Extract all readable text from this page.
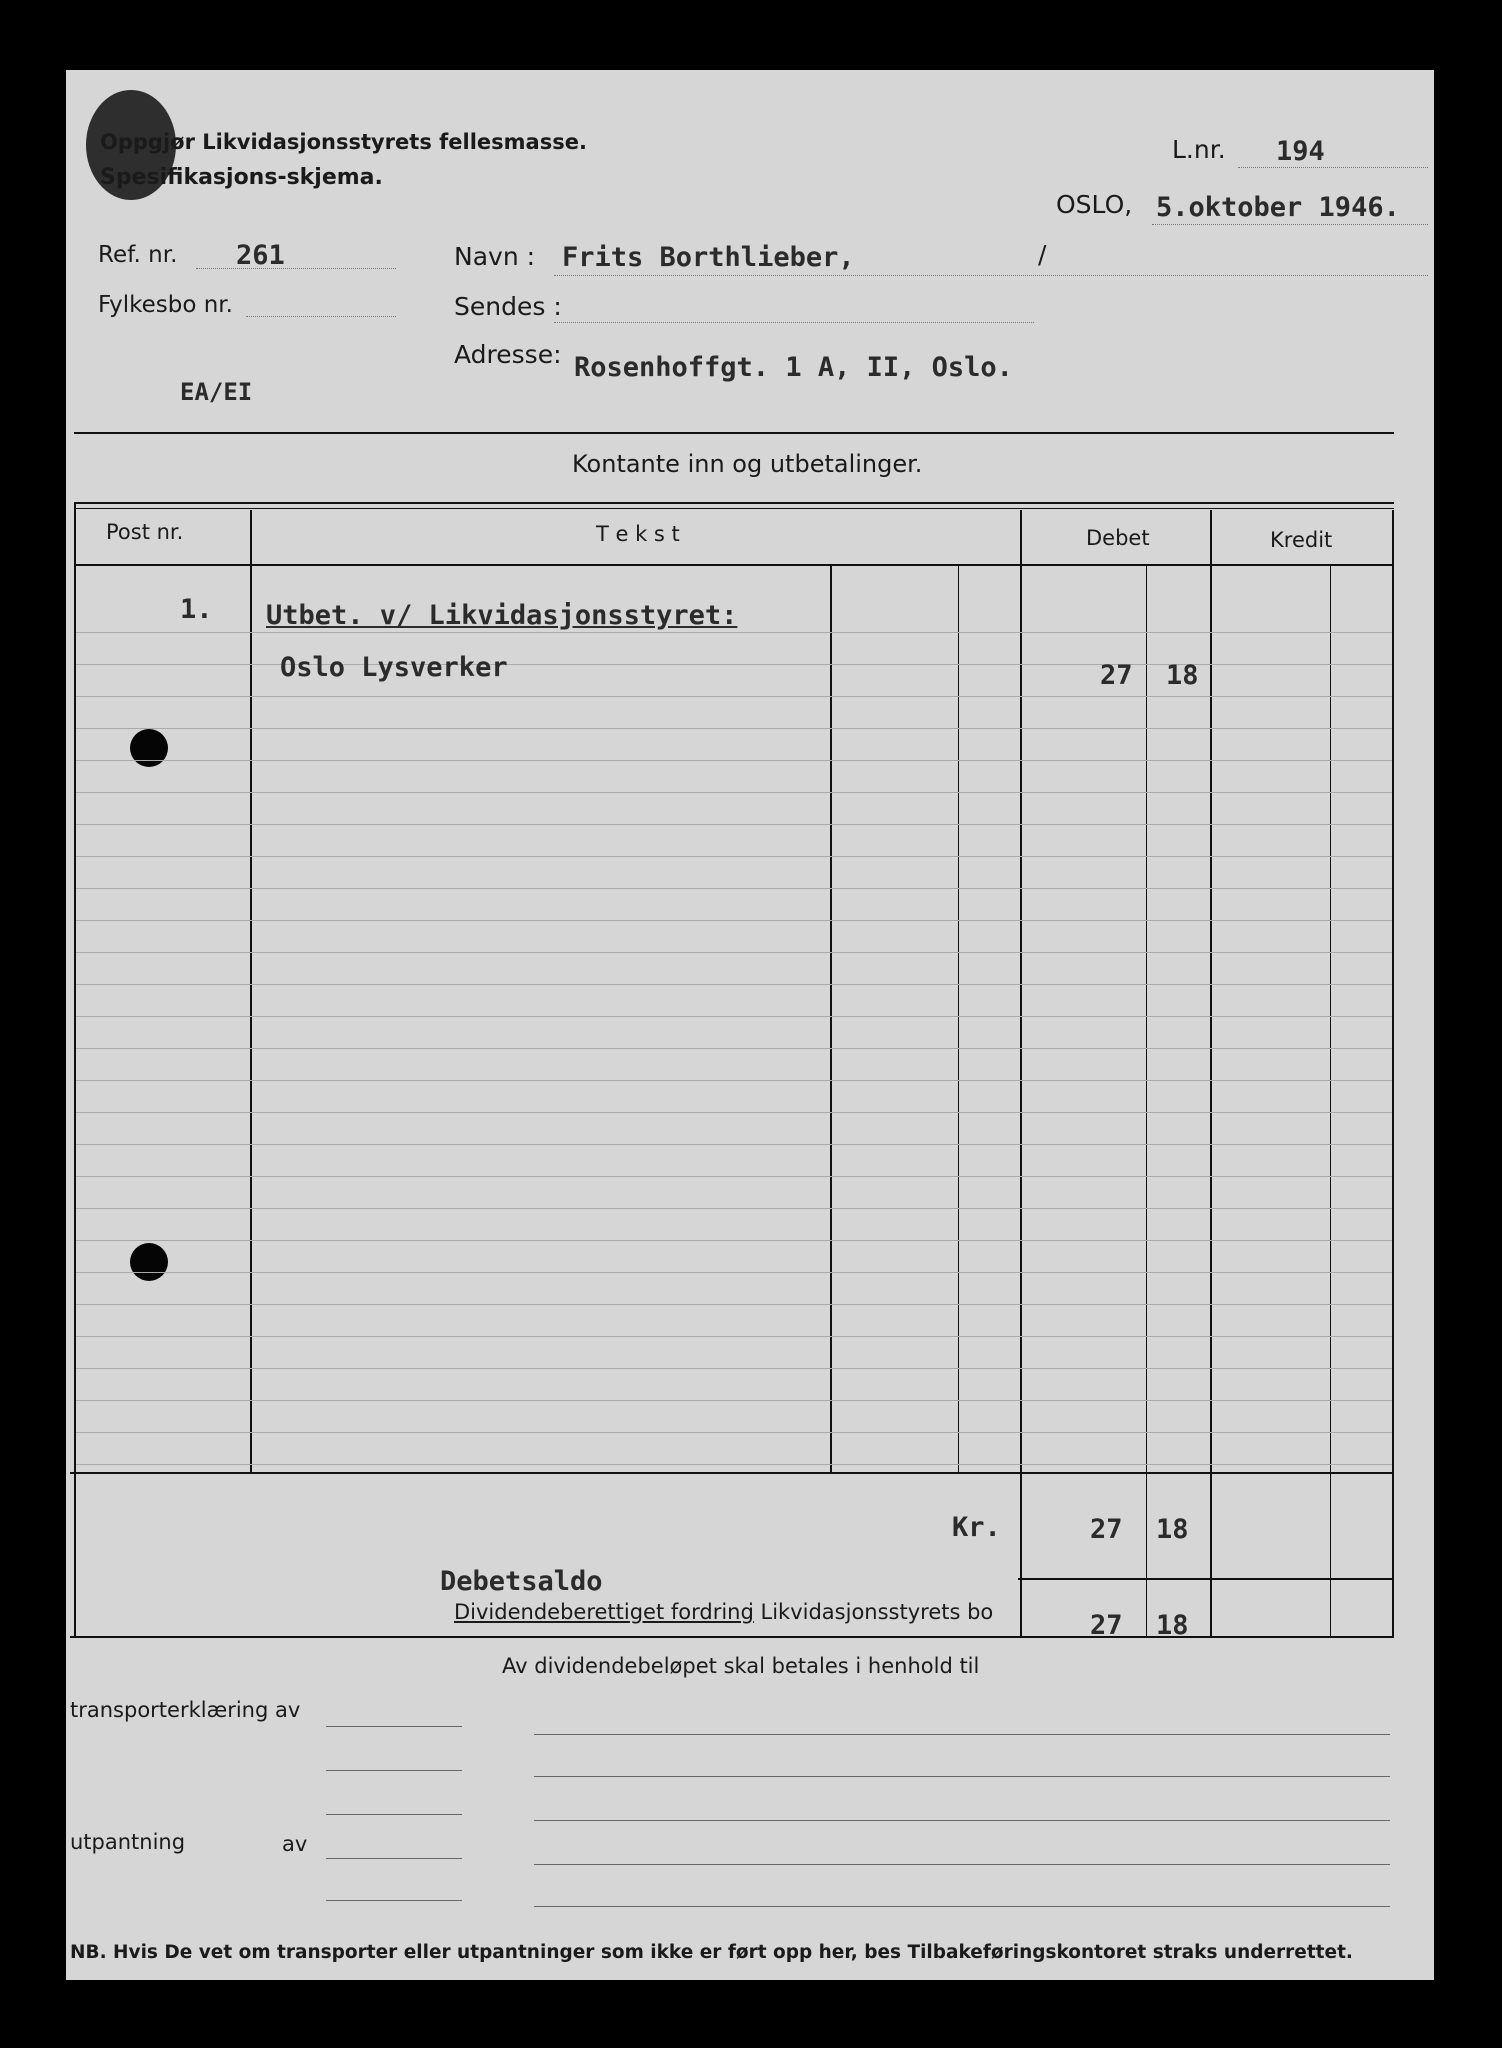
Oppgjør Likvidasjonsstyrets fellesmasse.
Spesifikasjons-skjema.
L.nr. 194
OSLO, 5.oktober 1946.
Ref. nr. 261
Fylkesbo nr.
EA/EI
Navn : Frits Borthlieber,	/
Sendes :
Adresse: Rosenhoffgt. 1 A, II, Oslo.
Kontante inn og utbetalinger.
Post nr.	T e k s t	Debet	Kredit
1. Utbet. v/ Likvidasjonsstyret:
Oslo Lysverker	27 18
Kr.	27 18
Debetsaldo
Dividendeberettiget fordring
i Likvidasjonsstyrets bo	27 18
Av dividendebeløpet skal betales i henhold til
transporterklæring av
utpantning	av
NB. Hvis De vet om transporter eller utpantninger som ikke er ført opp her, bes Tilbakeføringskontoret straks underrettet.
